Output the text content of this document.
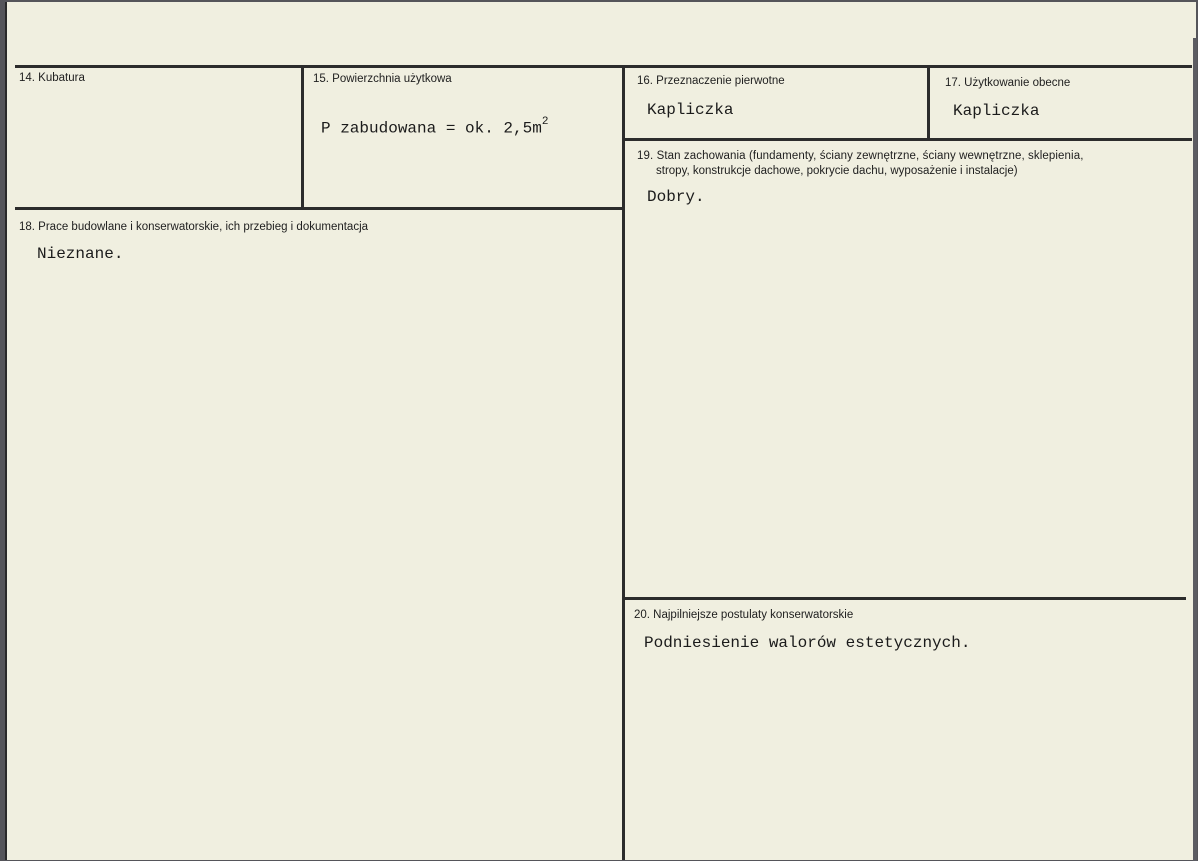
14. Kubatura	15. Powierzchnia użytkowa
P zabudowana = ok. $2,5m^2$
16. Przeznaczenie pierwotne
Kapliczka
17. Użytkowanie obecne
Kapliczka
19. Stan zachowania (fundamenty, ściany zewnętrzne, ściany wewnętrzne, sklepienia,
stropy, konstrukcje dachowe, pokrycie dachu, wyposażenie i instalacje)
Dobry.
18. Prace budowlane i konserwatorskie, ich przebieg i dokumentacja
Nieznane.
20. Najpilniejsze postulaty konserwatorskie
Podniesienie walorów estetycznych.
